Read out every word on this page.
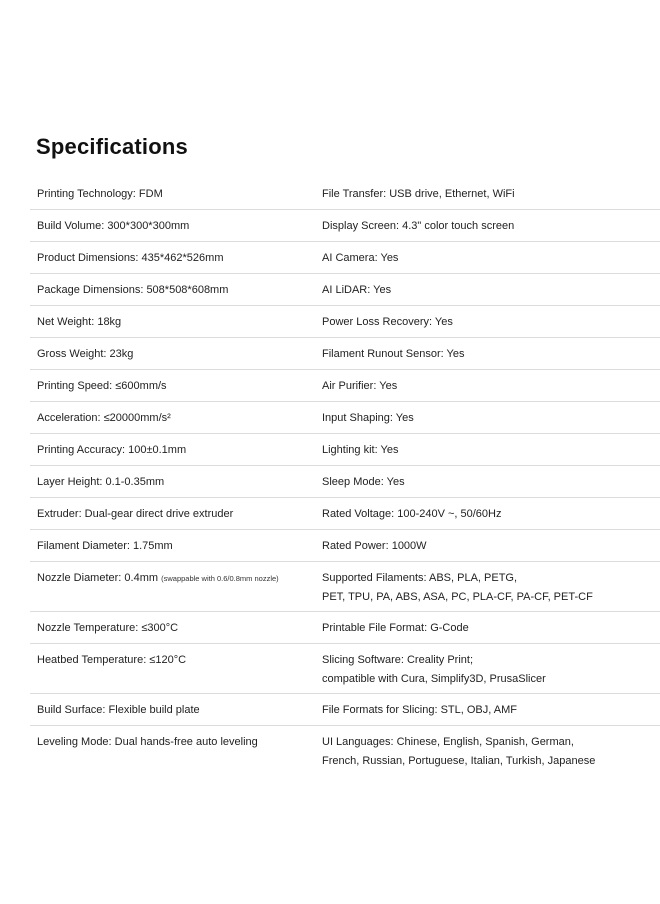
Specifications
Printing Technology: FDM	File Transfer: USB drive, Ethernet, WiFi
Build Volume: 300*300*300mm	Display Screen: 4.3" color touch screen
Product Dimensions: 435*462*526mm	AI Camera: Yes
Package Dimensions: 508*508*608mm	AI LiDAR: Yes
Net Weight: 18kg	Power Loss Recovery: Yes
Gross Weight: 23kg	Filament Runout Sensor: Yes
Printing Speed: ≤600mm/s	Air Purifier: Yes
Acceleration: ≤20000mm/s²	Input Shaping: Yes
Printing Accuracy: 100±0.1mm	Lighting kit: Yes
Layer Height: 0.1-0.35mm	Sleep Mode: Yes
Extruder: Dual-gear direct drive extruder	Rated Voltage: 100-240V ~, 50/60Hz
Filament Diameter: 1.75mm	Rated Power: 1000W
Nozzle Diameter: 0.4mm (swappable with 0.6/0.8mm nozzle)	Supported Filaments: ABS, PLA, PETG,
PET, TPU, PA, ABS, ASA, PC, PLA-CF, PA-CF, PET-CF
Nozzle Temperature: ≤300°C	Printable File Format: G-Code
Heatbed Temperature: ≤120°C	Slicing Software: Creality Print;
compatible with Cura, Simplify3D, PrusaSlicer
Build Surface: Flexible build plate	File Formats for Slicing: STL, OBJ, AMF
Leveling Mode: Dual hands-free auto leveling	UI Languages: Chinese, English, Spanish, German,
French, Russian, Portuguese, Italian, Turkish, Japanese
